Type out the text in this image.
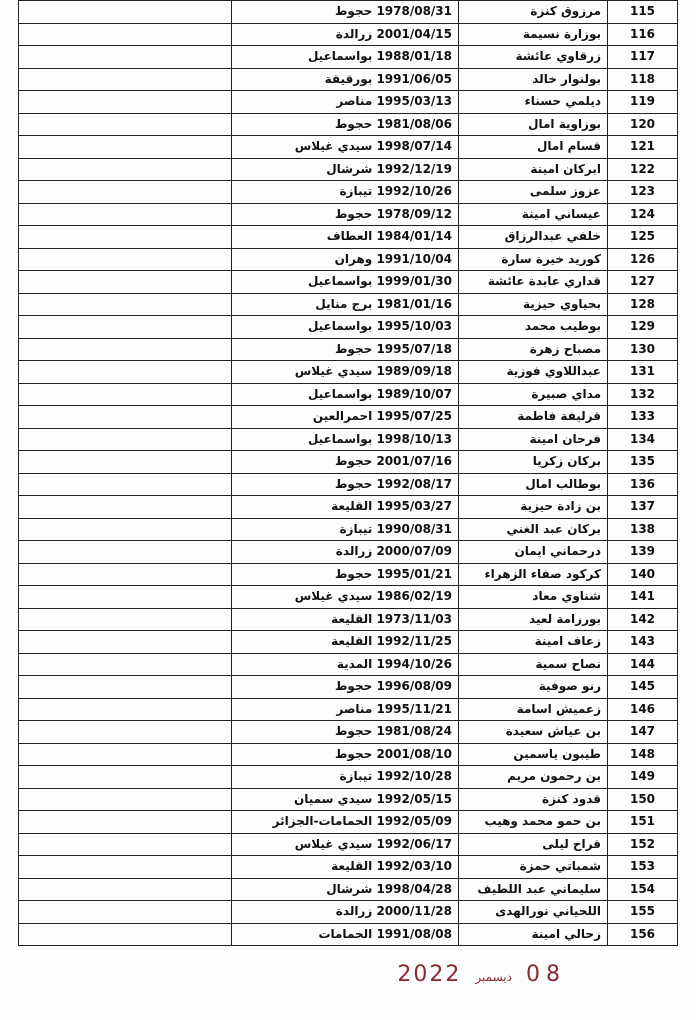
	1978/08/31 حجوط	مرزوق كنزة	115
	2001/04/15 زرالدة	بوزارة نسيمة	116
	1988/01/18 بواسماعيل	زرقاوي عائشة	117
	1991/06/05 بورقيقة	بولنوار خالد	118
	1995/03/13 مناصر	ديلمي حسناء	119
	1981/08/06 حجوط	بوزاوية امال	120
	1998/07/14 سيدي غيلاس	قسام امال	121
	1992/12/19 شرشال	ابركان امينة	122
	1992/10/26 تيبازة	عزوز سلمى	123
	1978/09/12 حجوط	عيساني امينة	124
	1984/01/14 العطاف	خلفي عبدالرزاق	125
	1991/10/04 وهران	كوريد خيرة سارة	126
	1999/01/30 بواسماعيل	قداري عابدة عائشة	127
	1981/01/16 برج منايل	بحياوي حيزية	128
	1995/10/03 بواسماعيل	بوطيب محمد	129
	1995/07/18 حجوط	مصباح زهرة	130
	1989/09/18 سيدي غيلاس	عبداللاوي فوزية	131
	1989/10/07 بواسماعيل	مداي صبيرة	132
	1995/07/25 احمرالعين	قرليفة فاطمة	133
	1998/10/13 بواسماعيل	فرحان امينة	134
	2001/07/16 حجوط	بركان زكريا	135
	1992/08/17 حجوط	بوطالب امال	136
	1995/03/27 القليعة	بن زادة حيزية	137
	1990/08/31 تيبازة	بركان عبد الغني	138
	2000/07/09 زرالدة	درحماني ايمان	139
	1995/01/21 حجوط	كركود صفاء الزهراء	140
	1986/02/19 سيدي غيلاس	شناوي معاد	141
	1973/11/03 القليعة	بورزامة لعيد	142
	1992/11/25 القليعة	زعاف امينة	143
	1994/10/26 المدية	نصاح سمية	144
	1996/08/09 حجوط	رنو صوفية	145
	1995/11/21 مناصر	زعميش اسامة	146
	1981/08/24 حجوط	بن عياش سعيدة	147
	2001/08/10 حجوط	طيبون ياسمين	148
	1992/10/28 تيبازة	بن رحمون مريم	149
	1992/05/15 سيدي سميان	قدود كنزة	150
	1992/05/09 الحمامات-الجزائر	بن حمو محمد وهيب	151
	1992/06/17 سيدي غيلاس	قراح ليلى	152
	1992/03/10 القليعة	شمباتي حمزة	153
	1998/04/28 شرشال	سليماني عبد اللطيف	154
	2000/11/28 زرالدة	اللحياني نورالهدى	155
	1991/08/08 الحمامات	زحالي امينة	156
2022 ديسمبر 08
